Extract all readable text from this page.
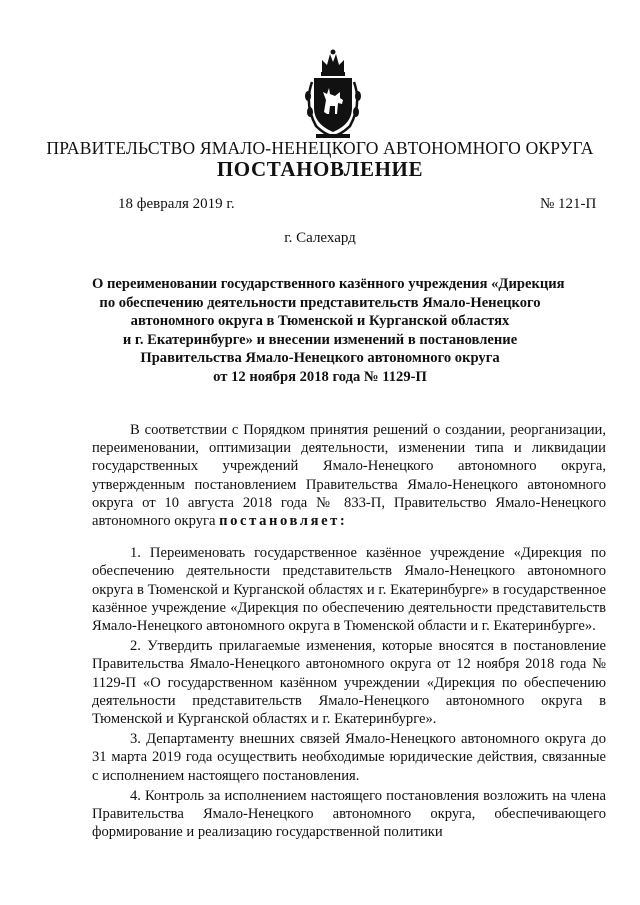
ПРАВИТЕЛЬСТВО ЯМАЛО-НЕНЕЦКОГО АВТОНОМНОГО ОКРУГА
ПОСТАНОВЛЕНИЕ
18 февраля 2019 г.	№ 121-П
г. Салехард
О переименовании государственного казённого учреждения «Дирекция
по обеспечению деятельности представительств Ямало-Ненецкого
автономного округа в Тюменской и Курганской областях
и г. Екатеринбурге» и внесении изменений в постановление
Правительства Ямало-Ненецкого автономного округа
от 12 ноября 2018 года № 1129-П

В соответствии с Порядком принятия решений о создании, реорганизации, переименовании, оптимизации деятельности, изменении типа и ликвидации государственных учреждений Ямало-Ненецкого автономного округа, утвержденным постановлением Правительства Ямало-Ненецкого автономного округа от 10 августа 2018 года № 833-П, Правительство Ямало-Ненецкого автономного округа постановляет:

1. Переименовать государственное казённое учреждение «Дирекция по обеспечению деятельности представительств Ямало-Ненецкого автономного округа в Тюменской и Курганской областях и г. Екатеринбурге» в государственное казённое учреждение «Дирекция по обеспечению деятельности представительств Ямало-Ненецкого автономного округа в Тюменской области и г. Екатеринбурге».

2. Утвердить прилагаемые изменения, которые вносятся в постановление Правительства Ямало-Ненецкого автономного округа от 12 ноября 2018 года № 1129-П «О государственном казённом учреждении «Дирекция по обеспечению деятельности представительств Ямало-Ненецкого автономного округа в Тюменской и Курганской областях и г. Екатеринбурге».

3. Департаменту внешних связей Ямало-Ненецкого автономного округа до 31 марта 2019 года осуществить необходимые юридические действия, связанные с исполнением настоящего постановления.

4. Контроль за исполнением настоящего постановления возложить на члена Правительства Ямало-Ненецкого автономного округа, обеспечивающего формирование и реализацию государственной политики
